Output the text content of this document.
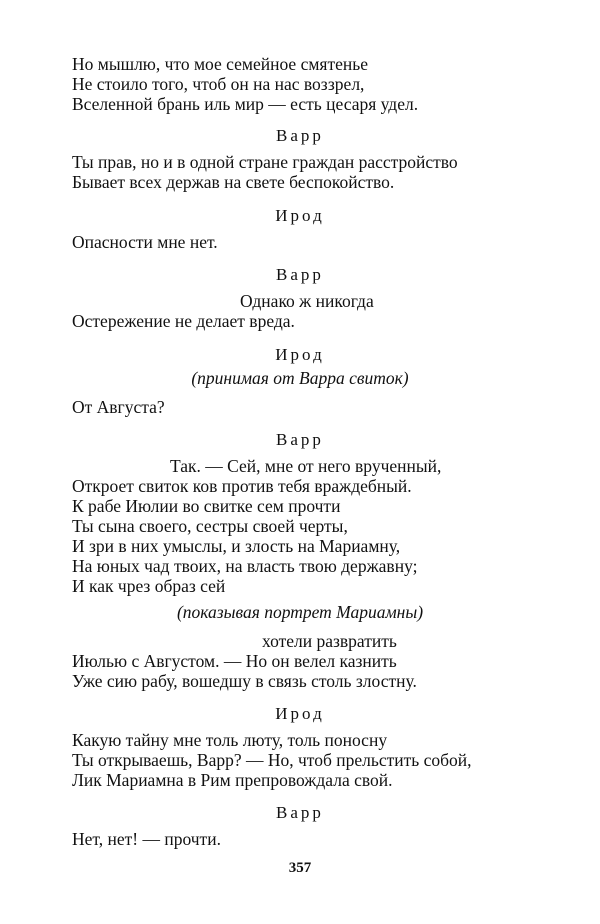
Но мышлю, что мое семейное смятенье
Не стоило того, чтоб он на нас воззрел,
Вселенной брань иль мир — есть цесаря удел.
Варр
Ты прав, но и в одной стране граждан расстройство
Бывает всех держав на свете беспокойство.
Ирод
Опасности мне нет.
Варр
Однако ж никогда
Остережение не делает вреда.
Ирод
(принимая от Варра свиток)
От Августа?
Варр
Так. — Сей, мне от него врученный,
Откроет свиток ков против тебя враждебный.
К рабе Июлии во свитке сем прочти
Ты сына своего, сестры своей черты,
И зри в них умыслы, и злость на Мариамну,
На юных чад твоих, на власть твою державну;
И как чрез образ сей
(показывая портрет Мариамны)
хотели развратить
Июлью с Августом. — Но он велел казнить
Уже сию рабу, вошедшу в связь столь злостну.
Ирод
Какую тайну мне толь люту, толь поносну
Ты открываешь, Варр? — Но, чтоб прельстить собой,
Лик Мариамна в Рим препровождала свой.
Варр
Нет, нет! — прочти.
357
